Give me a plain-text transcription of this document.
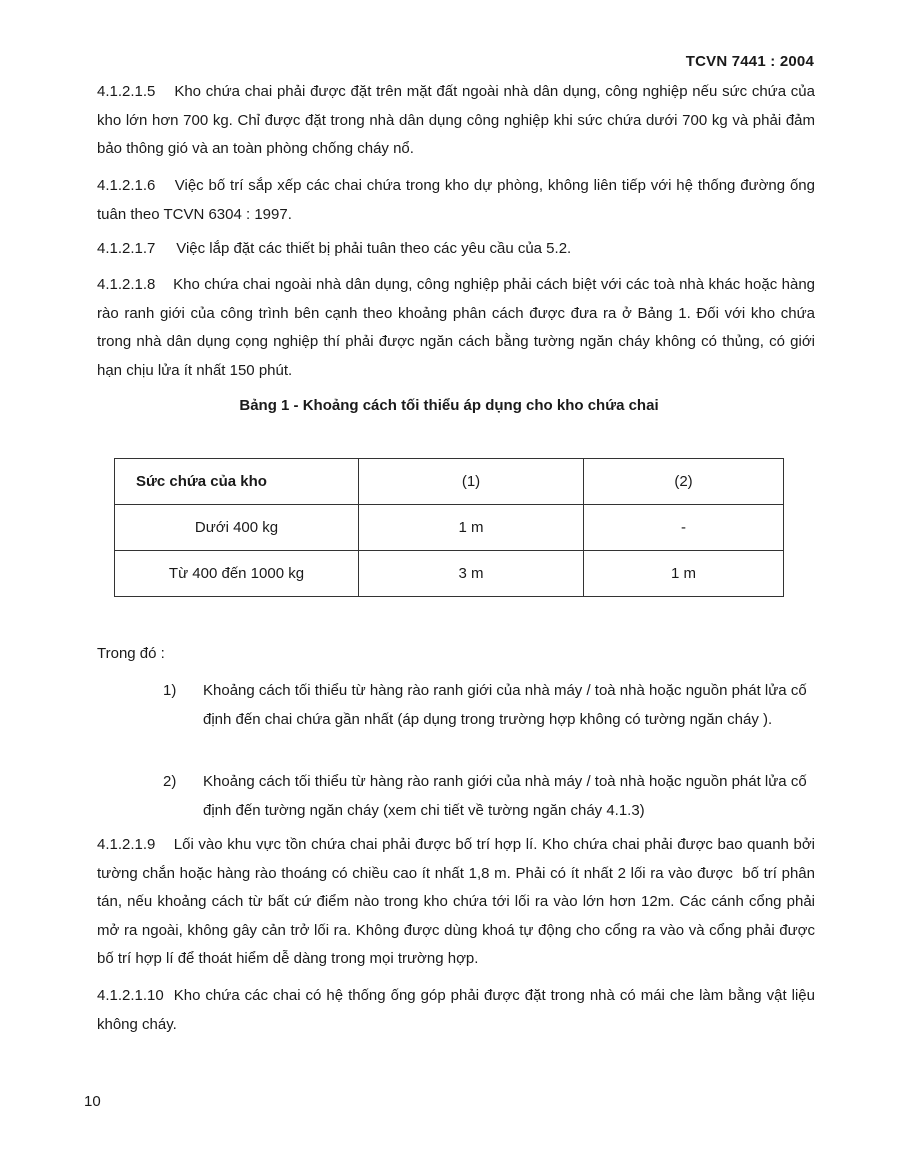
TCVN 7441 : 2004

4.1.2.1.5    Kho chứa chai phải được đặt trên mặt đất ngoài nhà dân dụng, công nghiệp nếu sức chứa của kho lớn hơn 700 kg. Chỉ được đặt trong nhà dân dụng công nghiệp khi sức chứa dưới 700 kg và phải đảm bảo thông gió và an toàn phòng chống cháy nổ.

4.1.2.1.6    Việc bố trí sắp xếp các chai chứa trong kho dự phòng, không liên tiếp với hệ thống đường ống tuân theo TCVN 6304 : 1997.

4.1.2.1.7     Việc lắp đặt các thiết bị phải tuân theo các yêu cầu của 5.2.

4.1.2.1.8    Kho chứa chai ngoài nhà dân dụng, công nghiệp phải cách biệt với các toà nhà khác hoặc hàng rào ranh giới của công trình bên cạnh theo khoảng phân cách được đưa ra ở Bảng 1. Đối với kho chứa trong nhà dân dụng cọng nghiệp thí phải được ngăn cách bằng tường ngăn cháy không có thủng, có giới hạn chịu lửa ít nhất 150 phút.

Bảng 1 - Khoảng cách tối thiểu áp dụng cho kho chứa chai
Sức chứa của kho	(1)	(2)
Dưới 400 kg	1 m	-
Từ 400 đến 1000 kg	3 m	1 m
Trong đó :
1) Khoảng cách tối thiểu từ hàng rào ranh giới của nhà máy / toà nhà hoặc nguồn phát lửa cố định đến chai chứa gần nhất (áp dụng trong trường hợp không có tường ngăn cháy ).
2) Khoảng cách tối thiểu từ hàng rào ranh giới của nhà máy / toà nhà hoặc nguồn phát lửa cố định đến tường ngăn cháy (xem chi tiết về tường ngăn cháy 4.1.3)

4.1.2.1.9    Lối vào khu vực tồn chứa chai phải được bố trí hợp lí. Kho chứa chai phải được bao quanh bởi tường chắn hoặc hàng rào thoáng có chiều cao ít nhất 1,8 m. Phải có ít nhất 2 lối ra vào được  bố trí phân tán, nếu khoảng cách từ bất cứ điểm nào trong kho chứa tới lối ra vào lớn hơn 12m. Các cánh cổng phải mở ra ngoài, không gây cản trở lối ra. Không được dùng khoá tự động cho cổng ra vào và cổng phải được bố trí hợp lí để thoát hiểm dễ dàng trong mọi trường hợp.

4.1.2.1.10  Kho chứa các chai có hệ thống ống góp phải được đặt trong nhà có mái che làm bằng vật liệu không cháy.

10
